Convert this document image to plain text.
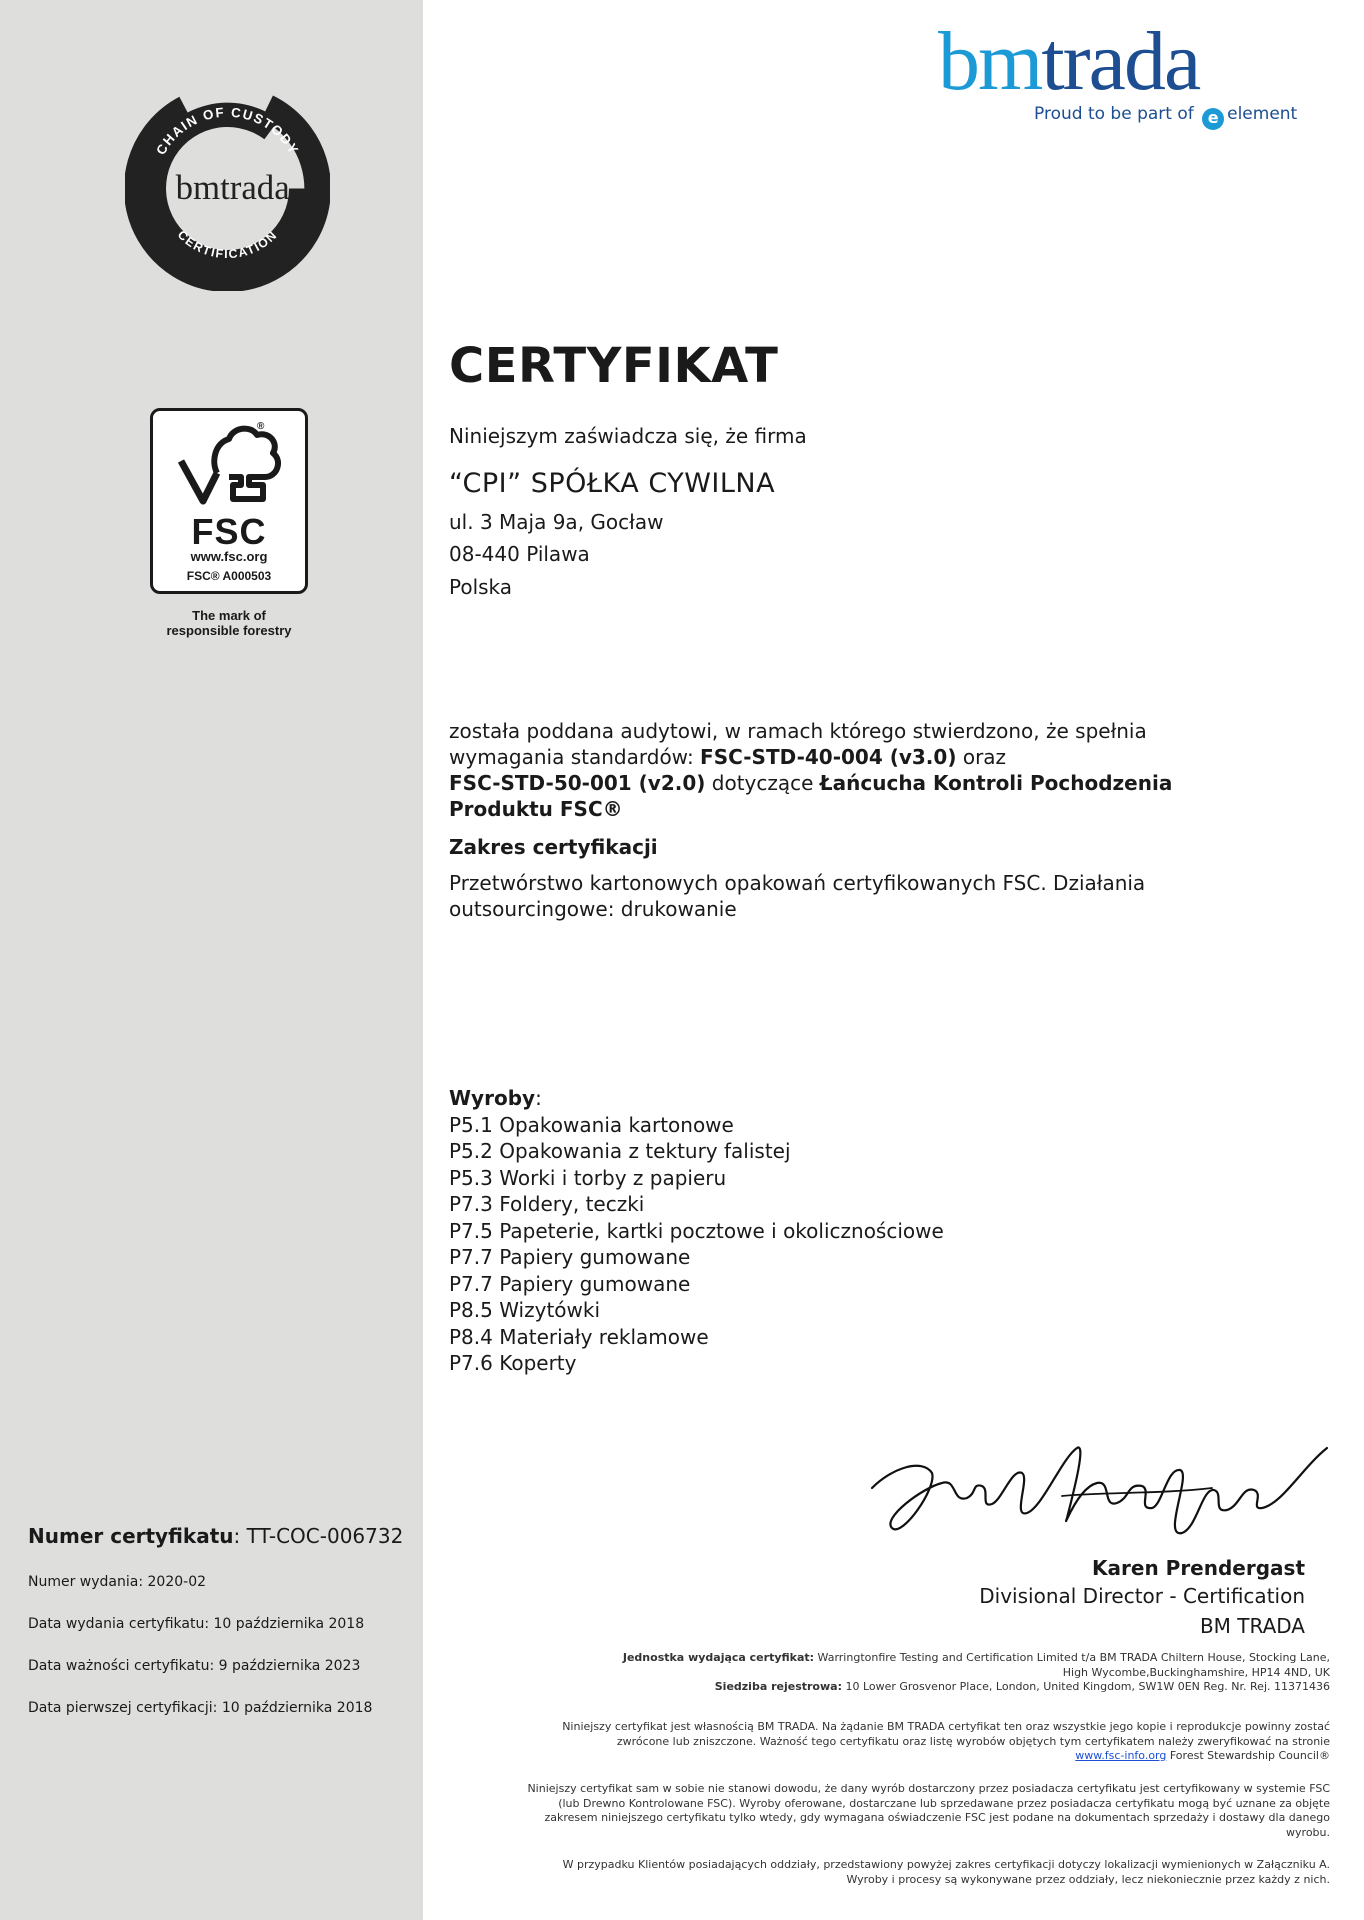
CHAIN OF CUSTODY
CERTIFICATION
bmtrada
®
FSC
www.fsc.org
FSC® A000503
The mark of
responsible forestry
Numer certyfikatu: TT-COC-006732
Numer wydania: 2020-02
Data wydania certyfikatu: 10 października 2018
Data ważności certyfikatu: 9 października 2023
Data pierwszej certyfikacji: 10 października 2018
bmtrada
Proud to be part of e element
CERTYFIKAT
Niniejszym zaświadcza się, że firma
“CPI” SPÓŁKA CYWILNA
ul. 3 Maja 9a, Gocław
08-440 Pilawa
Polska
została poddana audytowi, w ramach którego stwierdzono, że spełnia wymagania standardów: FSC-STD-40-004 (v3.0) oraz
FSC-STD-50-001 (v2.0) dotyczące Łańcucha Kontroli Pochodzenia Produktu FSC®
Zakres certyfikacji
Przetwórstwo kartonowych opakowań certyfikowanych FSC. Działania outsourcingowe: drukowanie
Wyroby:
P5.1 Opakowania kartonowe
P5.2 Opakowania z tektury falistej
P5.3 Worki i torby z papieru
P7.3 Foldery, teczki
P7.5 Papeterie, kartki pocztowe i okolicznościowe
P7.7 Papiery gumowane
P7.7 Papiery gumowane
P8.5 Wizytówki
P8.4 Materiały reklamowe
P7.6 Koperty
Karen Prendergast
Divisional Director - Certification
BM TRADA
Jednostka wydająca certyfikat: Warringtonfire Testing and Certification Limited t/a BM TRADA Chiltern House, Stocking Lane,
High Wycombe,Buckinghamshire, HP14 4ND, UK
Siedziba rejestrowa: 10 Lower Grosvenor Place, London, United Kingdom, SW1W 0EN Reg. Nr. Rej. 11371436
Niniejszy certyfikat jest własnością BM TRADA. Na żądanie BM TRADA certyfikat ten oraz wszystkie jego kopie i reprodukcje powinny zostać
zwrócone lub zniszczone. Ważność tego certyfikatu oraz listę wyrobów objętych tym certyfikatem należy zweryfikować na stronie
www.fsc-info.org Forest Stewardship Council®
Niniejszy certyfikat sam w sobie nie stanowi dowodu, że dany wyrób dostarczony przez posiadacza certyfikatu jest certyfikowany w systemie FSC
(lub Drewno Kontrolowane FSC). Wyroby oferowane, dostarczane lub sprzedawane przez posiadacza certyfikatu mogą być uznane za objęte
zakresem niniejszego certyfikatu tylko wtedy, gdy wymagana oświadczenie FSC jest podane na dokumentach sprzedaży i dostawy dla danego
wyrobu.
W przypadku Klientów posiadających oddziały, przedstawiony powyżej zakres certyfikacji dotyczy lokalizacji wymienionych w Załączniku A.
Wyroby i procesy są wykonywane przez oddziały, lecz niekoniecznie przez każdy z nich.
